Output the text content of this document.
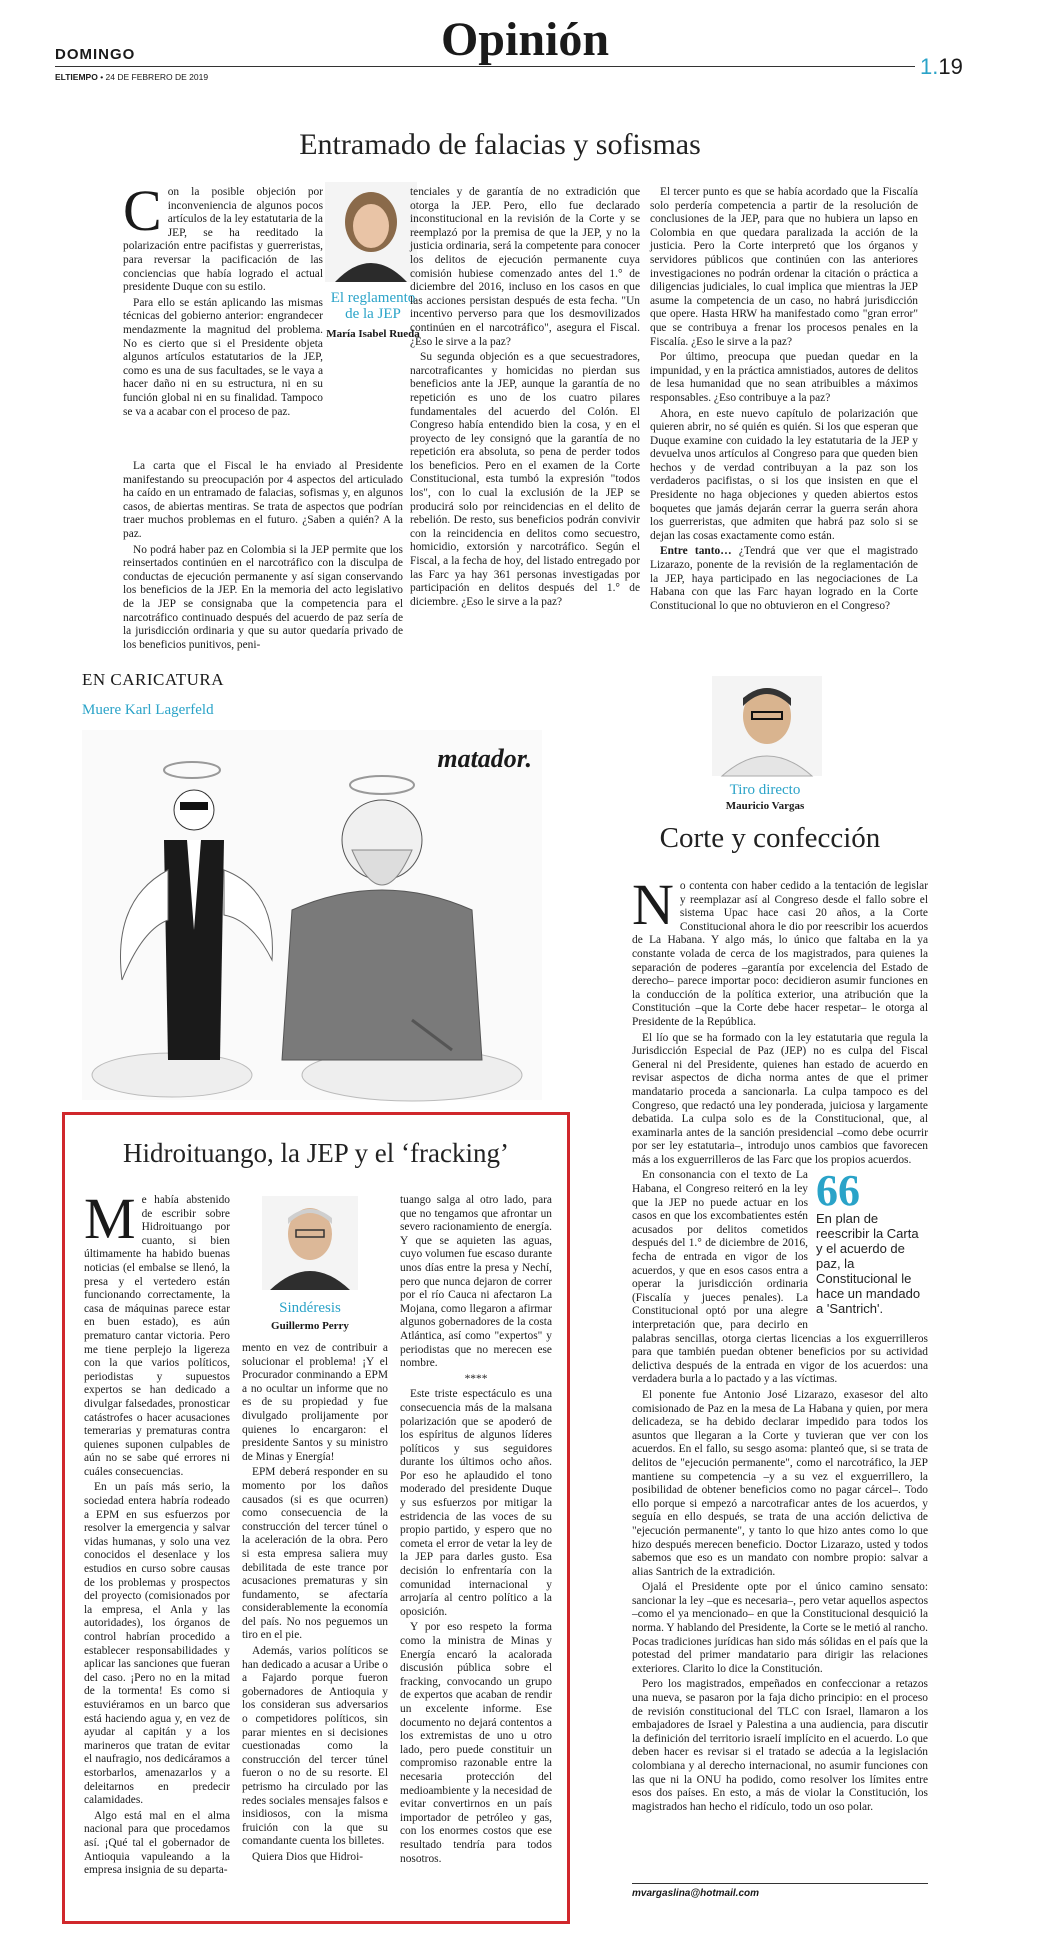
DOMINGO	Opinión
ELTIEMPO • 24 DE FEBRERO DE 2019	1.19
Entramado de falacias y sofismas
C on la posible objeción por inconveniencia de algunos pocos artículos de la ley estatutaria de la JEP, se ha reeditado la polarización entre pacifistas y guerreristas, para reversar la pacificación de las conciencias que había logrado el actual presidente Duque con su estilo.

Para ello se están aplicando las mismas técnicas del gobierno anterior: engrandecer mendazmente la magnitud del problema. No es cierto que si el Presidente objeta algunos artículos estatutarios de la JEP, como es una de sus facultades, se le vaya a hacer daño ni en su estructura, ni en su función global ni en su finalidad. Tampoco se va a acabar con el proceso de paz.

La carta que el Fiscal le ha enviado al Presidente manifestando su preocupación por 4 aspectos del articulado ha caído en un entramado de falacias, sofismas y, en algunos casos, de abiertas mentiras. Se trata de aspectos que podrían traer muchos problemas en el futuro. ¿Saben a quién? A la paz.

No podrá haber paz en Colombia si la JEP permite que los reinsertados continúen en el narcotráfico con la disculpa de conductas de ejecución permanente y así sigan conservando los beneficios de la JEP. En la memoria del acto legislativo de la JEP se consignaba que la competencia para el narcotráfico continuado después del acuerdo de paz sería de la jurisdicción ordinaria y que su autor quedaría privado de los beneficios punitivos, peni-

El reglamento
de la JEP
María Isabel Rueda

tenciales y de garantía de no extradición que otorga la JEP. Pero, ello fue declarado inconstitucional en la revisión de la Corte y se reemplazó por la premisa de que la JEP, y no la justicia ordinaria, será la competente para conocer los delitos de ejecución permanente cuya comisión hubiese comenzado antes del 1.° de diciembre del 2016, incluso en los casos en que las acciones persistan después de esta fecha. "Un incentivo perverso para que los desmovilizados continúen en el narcotráfico", asegura el Fiscal. ¿Eso le sirve a la paz?

Su segunda objeción es a que secuestradores, narcotraficantes y homicidas no pierdan sus beneficios ante la JEP, aunque la garantía de no repetición es uno de los cuatro pilares fundamentales del acuerdo del Colón. El Congreso había entendido bien la cosa, y en el proyecto de ley consignó que la garantía de no repetición era absoluta, so pena de perder todos los beneficios. Pero en el examen de la Corte Constitucional, esta tumbó la expresión "todos los", con lo cual la exclusión de la JEP se producirá solo por reincidencias en el delito de rebelión. De resto, sus beneficios podrán convivir con la reincidencia en delitos como secuestro, homicidio, extorsión y narcotráfico. Según el Fiscal, a la fecha de hoy, del listado entregado por las Farc ya hay 361 personas investigadas por participación en delitos después del 1.° de diciembre. ¿Eso le sirve a la paz?

El tercer punto es que se había acordado que la Fiscalía solo perdería competencia a partir de la resolución de conclusiones de la JEP, para que no hubiera un lapso en Colombia en que quedara paralizada la acción de la justicia. Pero la Corte interpretó que los órganos y servidores públicos que continúen con las anteriores investigaciones no podrán ordenar la citación o práctica a diligencias judiciales, lo cual implica que mientras la JEP asume la competencia de un caso, no habrá jurisdicción que opere. Hasta HRW ha manifestado como "gran error" que se contribuya a frenar los procesos penales en la Fiscalía. ¿Eso le sirve a la paz?

Por último, preocupa que puedan quedar en la impunidad, y en la práctica amnistiados, autores de delitos de lesa humanidad que no sean atribuibles a máximos responsables. ¿Eso contribuye a la paz?

Ahora, en este nuevo capítulo de polarización que quieren abrir, no sé quién es quién. Si los que esperan que Duque examine con cuidado la ley estatutaria de la JEP y devuelva unos artículos al Congreso para que queden bien hechos y de verdad contribuyan a la paz son los verdaderos pacifistas, o si los que insisten en que el Presidente no haga objeciones y queden abiertos estos boquetes que jamás dejarán cerrar la guerra serán ahora los guerreristas, que admiten que habrá paz solo si se dejan las cosas exactamente como están.

Entre tanto… ¿Tendrá que ver que el magistrado Lizarazo, ponente de la revisión de la reglamentación de la JEP, haya participado en las negociaciones de La Habana con que las Farc hayan logrado en la Corte Constitucional lo que no obtuvieron en el Congreso?

EN CARICATURA
Muere Karl Lagerfeld
matador.
Tiro directo
Mauricio Vargas
Corte y confección
N o contenta con haber cedido a la tentación de legislar y reemplazar así al Congreso desde el fallo sobre el sistema Upac hace casi 20 años, a la Corte Constitucional ahora le dio por reescribir los acuerdos de La Habana. Y algo más, lo único que faltaba en la ya constante volada de cerca de los magistrados, para quienes la separación de poderes –garantía por excelencia del Estado de derecho– parece importar poco: decidieron asumir funciones en la conducción de la política exterior, una atribución que la Constitución –que la Corte debe hacer respetar– le otorga al Presidente de la República.

El lío que se ha formado con la ley estatutaria que regula la Jurisdicción Especial de Paz (JEP) no es culpa del Fiscal General ni del Presidente, quienes han estado de acuerdo en revisar aspectos de dicha norma antes de que el primer mandatario proceda a sancionarla. La culpa tampoco es del Congreso, que redactó una ley ponderada, juiciosa y largamente debatida. La culpa solo es de la Constitucional, que, al examinarla antes de la sanción presidencial –como debe ocurrir por ser ley estatutaria–, introdujo unos cambios que favorecen más a los exguerrilleros de las Farc que los propios acuerdos.

66
En plan de reescribir la Carta y el acuerdo de paz, la Constitucional le hace un mandado a 'Santrich'.

En consonancia con el texto de La Habana, el Congreso reiteró en la ley que la JEP no puede actuar en los casos en que los excombatientes estén acusados por delitos cometidos después del 1.° de diciembre de 2016, fecha de entrada en vigor de los acuerdos, y que en esos casos entra a operar la jurisdicción ordinaria (Fiscalía y jueces penales). La Constitucional optó por una alegre interpretación que, para decirlo en palabras sencillas, otorga ciertas licencias a los exguerrilleros para que también puedan obtener beneficios por su actividad delictiva después de la entrada en vigor de los acuerdos: una verdadera burla a lo pactado y a las víctimas.

El ponente fue Antonio José Lizarazo, exasesor del alto comisionado de Paz en la mesa de La Habana y quien, por mera delicadeza, se ha debido declarar impedido para todos los asuntos que llegaran a la Corte y tuvieran que ver con los acuerdos. En el fallo, su sesgo asoma: planteó que, si se trata de delitos de "ejecución permanente", como el narcotráfico, la JEP mantiene su competencia –y a su vez el exguerrillero, la posibilidad de obtener beneficios como no pagar cárcel–. Todo ello porque si empezó a narcotraficar antes de los acuerdos, y seguía en ello después, se trata de una acción delictiva de "ejecución permanente", y tanto lo que hizo antes como lo que hizo después merecen beneficio. Doctor Lizarazo, usted y todos sabemos que eso es un mandato con nombre propio: salvar a alias Santrich de la extradición.

Ojalá el Presidente opte por el único camino sensato: sancionar la ley –que es necesaria–, pero vetar aquellos aspectos –como el ya mencionado– en que la Constitucional desquició la norma. Y hablando del Presidente, la Corte se le metió al rancho. Pocas tradiciones jurídicas han sido más sólidas en el país que la potestad del primer mandatario para dirigir las relaciones exteriores. Clarito lo dice la Constitución.

Pero los magistrados, empeñados en confeccionar a retazos una nueva, se pasaron por la faja dicho principio: en el proceso de revisión constitucional del TLC con Israel, llamaron a los embajadores de Israel y Palestina a una audiencia, para discutir la definición del territorio israelí implícito en el acuerdo. Lo que deben hacer es revisar si el tratado se adecúa a la legislación colombiana y al derecho internacional, no asumir funciones con las que ni la ONU ha podido, como resolver los límites entre esos dos países. En esto, a más de violar la Constitución, los magistrados han hecho el ridículo, todo un oso polar.

mvargaslina@hotmail.com
Hidroituango, la JEP y el ‘fracking’
M e había abstenido de escribir sobre Hidroituango por cuanto, si bien últimamente ha habido buenas noticias (el embalse se llenó, la presa y el vertedero están funcionando correctamente, la casa de máquinas parece estar en buen estado), es aún prematuro cantar victoria. Pero me tiene perplejo la ligereza con la que varios políticos, periodistas y supuestos expertos se han dedicado a divulgar falsedades, pronosticar catástrofes o hacer acusaciones temerarias y prematuras contra quienes suponen culpables de aún no se sabe qué errores ni cuáles consecuencias.

En un país más serio, la sociedad entera habría rodeado a EPM en sus esfuerzos por resolver la emergencia y salvar vidas humanas, y solo una vez conocidos el desenlace y los estudios en curso sobre causas de los problemas y prospectos del proyecto (comisionados por la empresa, el Anla y las autoridades), los órganos de control habrían procedido a establecer responsabilidades y aplicar las sanciones que fueran del caso. ¡Pero no en la mitad de la tormenta! Es como si estuviéramos en un barco que está haciendo agua y, en vez de ayudar al capitán y a los marineros que tratan de evitar el naufragio, nos dedicáramos a estorbarlos, amenazarlos y a deleitarnos en predecir calamidades.

Algo está mal en el alma nacional para que procedamos así. ¡Qué tal el gobernador de Antioquia vapuleando a la empresa insignia de su departa-

Sindéresis
Guillermo Perry

mento en vez de contribuir a solucionar el problema! ¡Y el Procurador conminando a EPM a no ocultar un informe que no es de su propiedad y fue divulgado prolijamente por quienes lo encargaron: el presidente Santos y su ministro de Minas y Energía!

EPM deberá responder en su momento por los daños causados (si es que ocurren) como consecuencia de la construcción del tercer túnel o la aceleración de la obra. Pero si esta empresa saliera muy debilitada de este trance por acusaciones prematuras y sin fundamento, se afectaría considerablemente la economía del país. No nos peguemos un tiro en el pie.

Además, varios políticos se han dedicado a acusar a Uribe o a Fajardo porque fueron gobernadores de Antioquia y los consideran sus adversarios o competidores políticos, sin parar mientes en si decisiones cuestionadas como la construcción del tercer túnel fueron o no de su resorte. El petrismo ha circulado por las redes sociales mensajes falsos e insidiosos, con la misma fruición con la que su comandante cuenta los billetes.

Quiera Dios que Hidroi-

tuango salga al otro lado, para que no tengamos que afrontar un severo racionamiento de energía. Y que se aquieten las aguas, cuyo volumen fue escaso durante unos días entre la presa y Nechí, pero que nunca dejaron de correr por el río Cauca ni afectaron La Mojana, como llegaron a afirmar algunos gobernadores de la costa Atlántica, así como "expertos" y periodistas que no merecen ese nombre.

****

Este triste espectáculo es una consecuencia más de la malsana polarización que se apoderó de los espíritus de algunos líderes políticos y sus seguidores durante los últimos ocho años. Por eso he aplaudido el tono moderado del presidente Duque y sus esfuerzos por mitigar la estridencia de las voces de su propio partido, y espero que no cometa el error de vetar la ley de la JEP para darles gusto. Esa decisión lo enfrentaría con la comunidad internacional y arrojaría al centro político a la oposición.

Y por eso respeto la forma como la ministra de Minas y Energía encaró la acalorada discusión pública sobre el fracking, convocando un grupo de expertos que acaban de rendir un excelente informe. Ese documento no dejará contentos a los extremistas de uno u otro lado, pero puede constituir un compromiso razonable entre la necesaria protección del medioambiente y la necesidad de evitar convertirnos en un país importador de petróleo y gas, con los enormes costos que ese resultado tendría para todos nosotros.
